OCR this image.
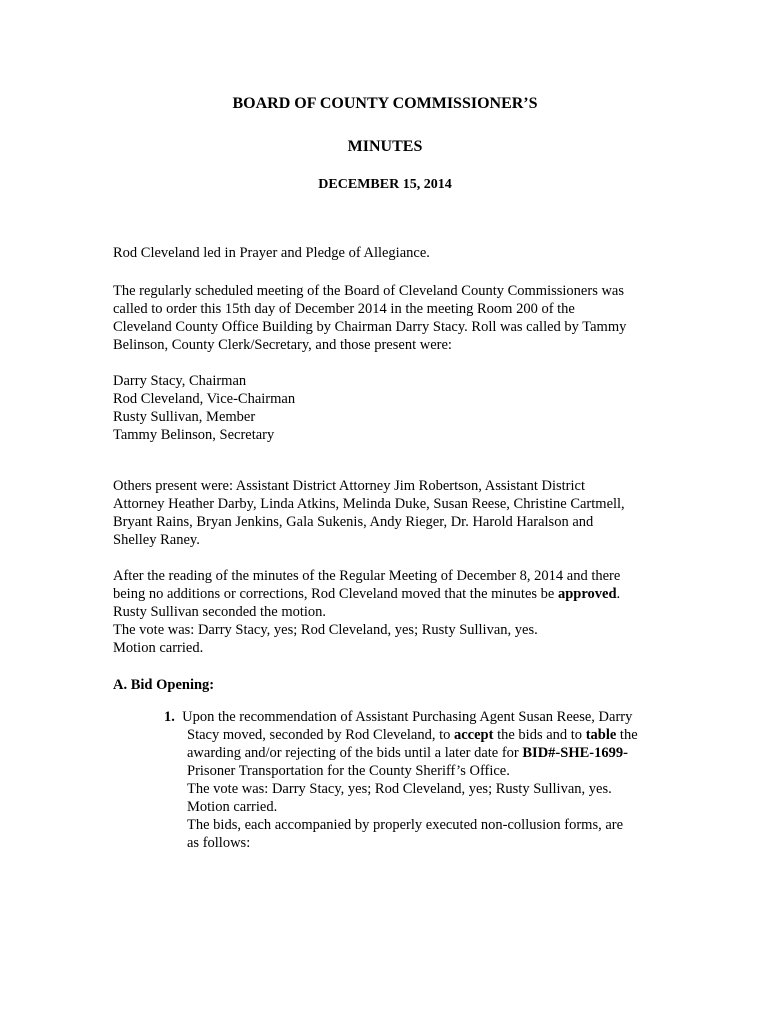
BOARD OF COUNTY COMMISSIONER’S
MINUTES
DECEMBER 15, 2014
Rod Cleveland led in Prayer and Pledge of Allegiance.
The regularly scheduled meeting of the Board of Cleveland County Commissioners was
called to order this 15th day of December 2014 in the meeting Room 200 of the
Cleveland County Office Building by Chairman Darry Stacy. Roll was called by Tammy
Belinson, County Clerk/Secretary, and those present were:
Darry Stacy, Chairman
Rod Cleveland, Vice-Chairman
Rusty Sullivan, Member
Tammy Belinson, Secretary
Others present were: Assistant District Attorney Jim Robertson, Assistant District
Attorney Heather Darby, Linda Atkins, Melinda Duke, Susan Reese, Christine Cartmell,
Bryant Rains, Bryan Jenkins, Gala Sukenis, Andy Rieger, Dr. Harold Haralson and
Shelley Raney.
After the reading of the minutes of the Regular Meeting of December 8, 2014 and there
being no additions or corrections, Rod Cleveland moved that the minutes be approved.
Rusty Sullivan seconded the motion.
The vote was: Darry Stacy, yes; Rod Cleveland, yes; Rusty Sullivan, yes.
Motion carried.
A. Bid Opening:
1. Upon the recommendation of Assistant Purchasing Agent Susan Reese, Darry
Stacy moved, seconded by Rod Cleveland, to accept the bids and to table the
awarding and/or rejecting of the bids until a later date for BID#-SHE-1699-
Prisoner Transportation for the County Sheriff’s Office.
The vote was: Darry Stacy, yes; Rod Cleveland, yes; Rusty Sullivan, yes.
Motion carried.
The bids, each accompanied by properly executed non-collusion forms, are
as follows:
